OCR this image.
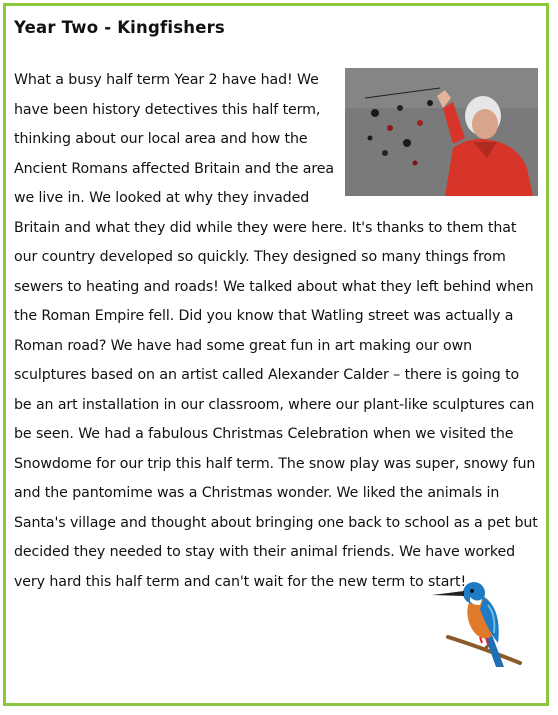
Year Two - Kingfishers
What a busy half term Year 2 have had! We have been history detectives this half term, thinking about our local area and how the Ancient Romans affected Britain and the area we live in. We looked at why they invaded Britain and what they did while they were here. It's thanks to them that our country developed so quickly. They designed so many things from sewers to heating and roads! We talked about what they left behind when the Roman Empire fell. Did you know that Watling street was actually a Roman road? We have had some great fun in art making our own sculptures based on an artist called Alexander Calder – there is going to be an art installation in our classroom, where our plant-like sculptures can be seen. We had a fabulous Christmas Celebration when we visited the Snowdome for our trip this half term. The snow play was super, snowy fun and the pantomime was a Christmas wonder. We liked the animals in Santa's village and thought about bringing one back to school as a pet but decided they needed to stay with their animal friends. We have worked very hard this half term and can't wait for the new term to start!
